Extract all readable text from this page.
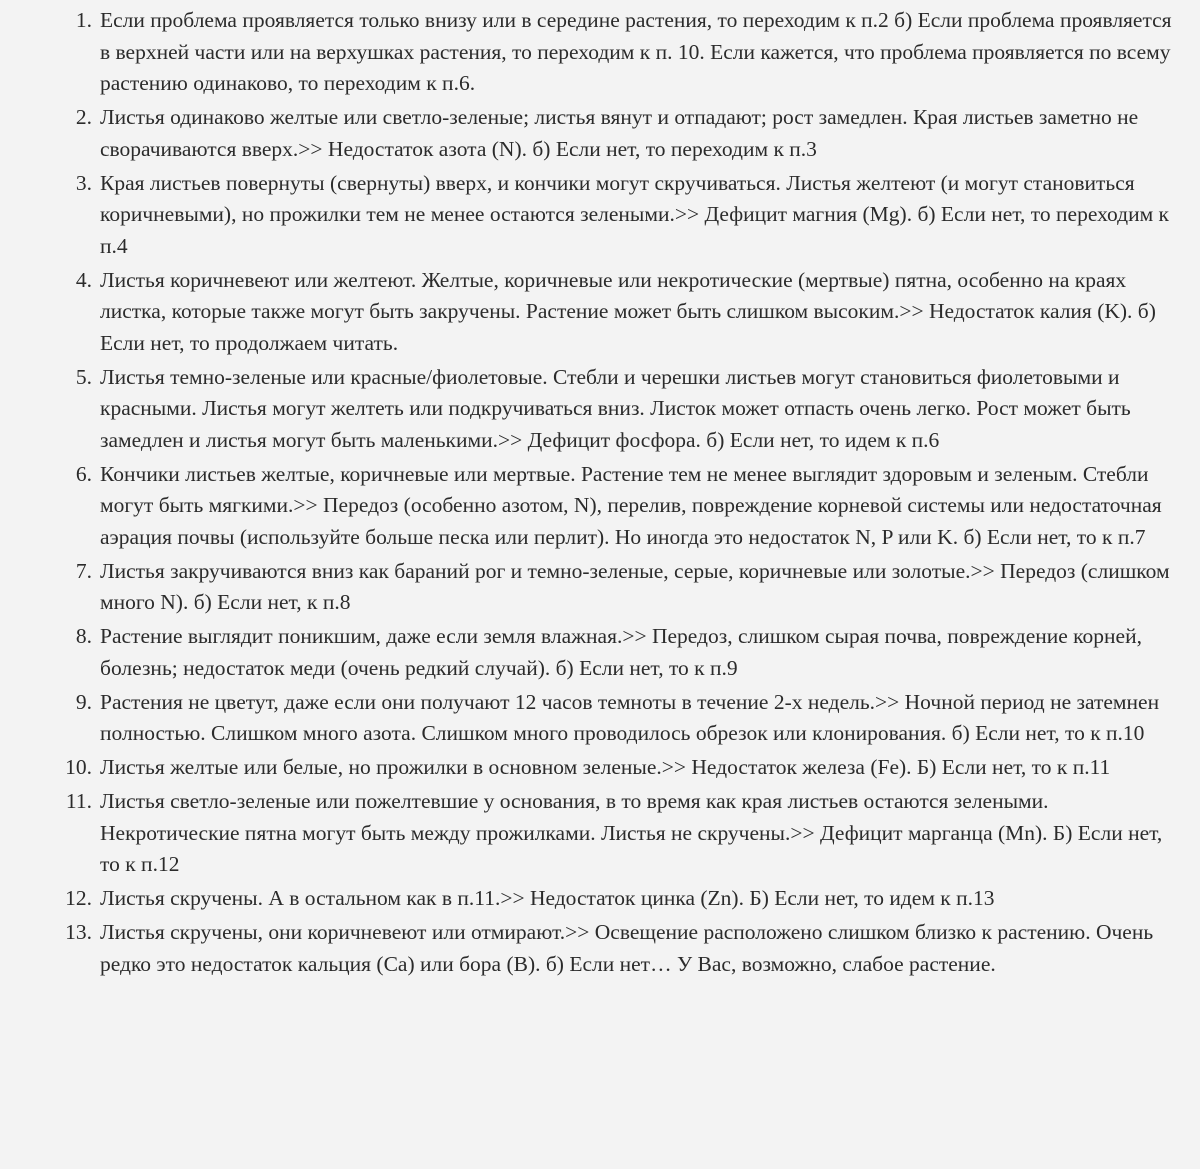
1. Если проблема проявляется только внизу или в середине растения, то переходим к п.2 б) Если проблема проявляется в верхней части или на верхушках растения, то переходим к п. 10. Если кажется, что проблема проявляется по всему растению одинаково, то переходим к п.6.
2. Листья одинаково желтые или светло-зеленые; листья вянут и отпадают; рост замедлен. Края листьев заметно не сворачиваются вверх.>> Недостаток азота (N). б) Если нет, то переходим к п.3
3. Края листьев повернуты (свернуты) вверх, и кончики могут скручиваться. Листья желтеют (и могут становиться коричневыми), но прожилки тем не менее остаются зелеными.>> Дефицит магния (Mg). б) Если нет, то переходим к п.4
4. Листья коричневеют или желтеют. Желтые, коричневые или некротические (мертвые) пятна, особенно на краях листка, которые также могут быть закручены. Растение может быть слишком высоким.>> Недостаток калия (K). б) Если нет, то продолжаем читать.
5. Листья темно-зеленые или красные/фиолетовые. Стебли и черешки листьев могут становиться фиолетовыми и красными. Листья могут желтеть или подкручиваться вниз. Листок может отпасть очень легко. Рост может быть замедлен и листья могут быть маленькими.>> Дефицит фосфора. б) Если нет, то идем к п.6
6. Кончики листьев желтые, коричневые или мертвые. Растение тем не менее выглядит здоровым и зеленым. Стебли могут быть мягкими.>> Передоз (особенно азотом, N), перелив, повреждение корневой системы или недостаточная аэрация почвы (используйте больше песка или перлит). Но иногда это недостаток N, P или K. б) Если нет, то к п.7
7. Листья закручиваются вниз как бараний рог и темно-зеленые, серые, коричневые или золотые.>> Передоз (слишком много N). б) Если нет, к п.8
8. Растение выглядит поникшим, даже если земля влажная.>> Передоз, слишком сырая почва, повреждение корней, болезнь; недостаток меди (очень редкий случай). б) Если нет, то к п.9
9. Растения не цветут, даже если они получают 12 часов темноты в течение 2-х недель.>> Ночной период не затемнен полностью. Слишком много азота. Слишком много проводилось обрезок или клонирования. б) Если нет, то к п.10
10. Листья желтые или белые, но прожилки в основном зеленые.>> Недостаток железа (Fe). Б) Если нет, то к п.11
11. Листья светло-зеленые или пожелтевшие у основания, в то время как края листьев остаются зелеными. Некротические пятна могут быть между прожилками. Листья не скручены.>> Дефицит марганца (Mn). Б) Если нет, то к п.12
12. Листья скручены. А в остальном как в п.11.>> Недостаток цинка (Zn). Б) Если нет, то идем к п.13
13. Листья скручены, они коричневеют или отмирают.>> Освещение расположено слишком близко к растению. Очень редко это недостаток кальция (Ca) или бора (B). б) Если нет… У Вас, возможно, слабое растение.
